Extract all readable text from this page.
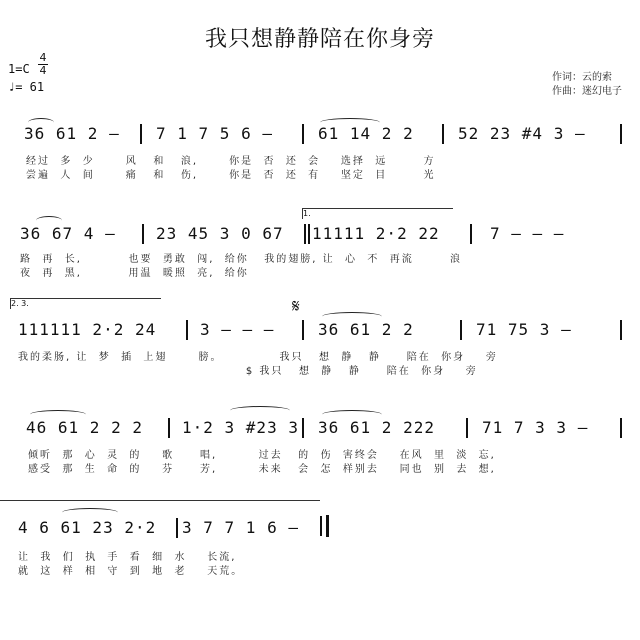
我只想静静陪在你身旁
1=C
4
4
♩= 61
作词：云的索
作曲：迷幻电子
36 61 2 – 7 1 7 5 6 –	61 14 2 2	52 23 #4 3 –
经过  多  少      风   和   浪,      你是  否  还  会    选择  远       方
尝遍  人  间      痛   和   伤,      你是  否  还  有    坚定  目       光
1.
36 67 4 –	23 45 3 0 67 11111 2·2 22	7 – – –
路  再  长,         也要  勇敢  闯,  给你   我的翅膀, 让  心  不  再流       浪
夜  再  黑,         用温  暖照  亮,  给你
2. 3.	𝄋
111111 2·2 24	3 – – –	36 61 2 2	71 75 3 –
我的柔肠, 让  梦  插  上翅      膀。           我只   想  静   静     陪在  你身    旁
$ 我只   想  静   静     陪在  你身    旁
46 61 2 2 2 1·2 3 #23 3 36 61 2 222	71 7 3 3 –
倾听  那  心  灵  的    歌     唱,        过去   的  伤  害终会    在风  里  淡  忘,
感受  那  生  命  的    芬     芳,        未来   会  怎  样别去    同也  别  去  想,
4 6 61 23 2·2 3 7 7 1 6 –
让  我  们  执  手  看  细  水    长流,
就  这  样  相  守  到  地  老    天荒。
